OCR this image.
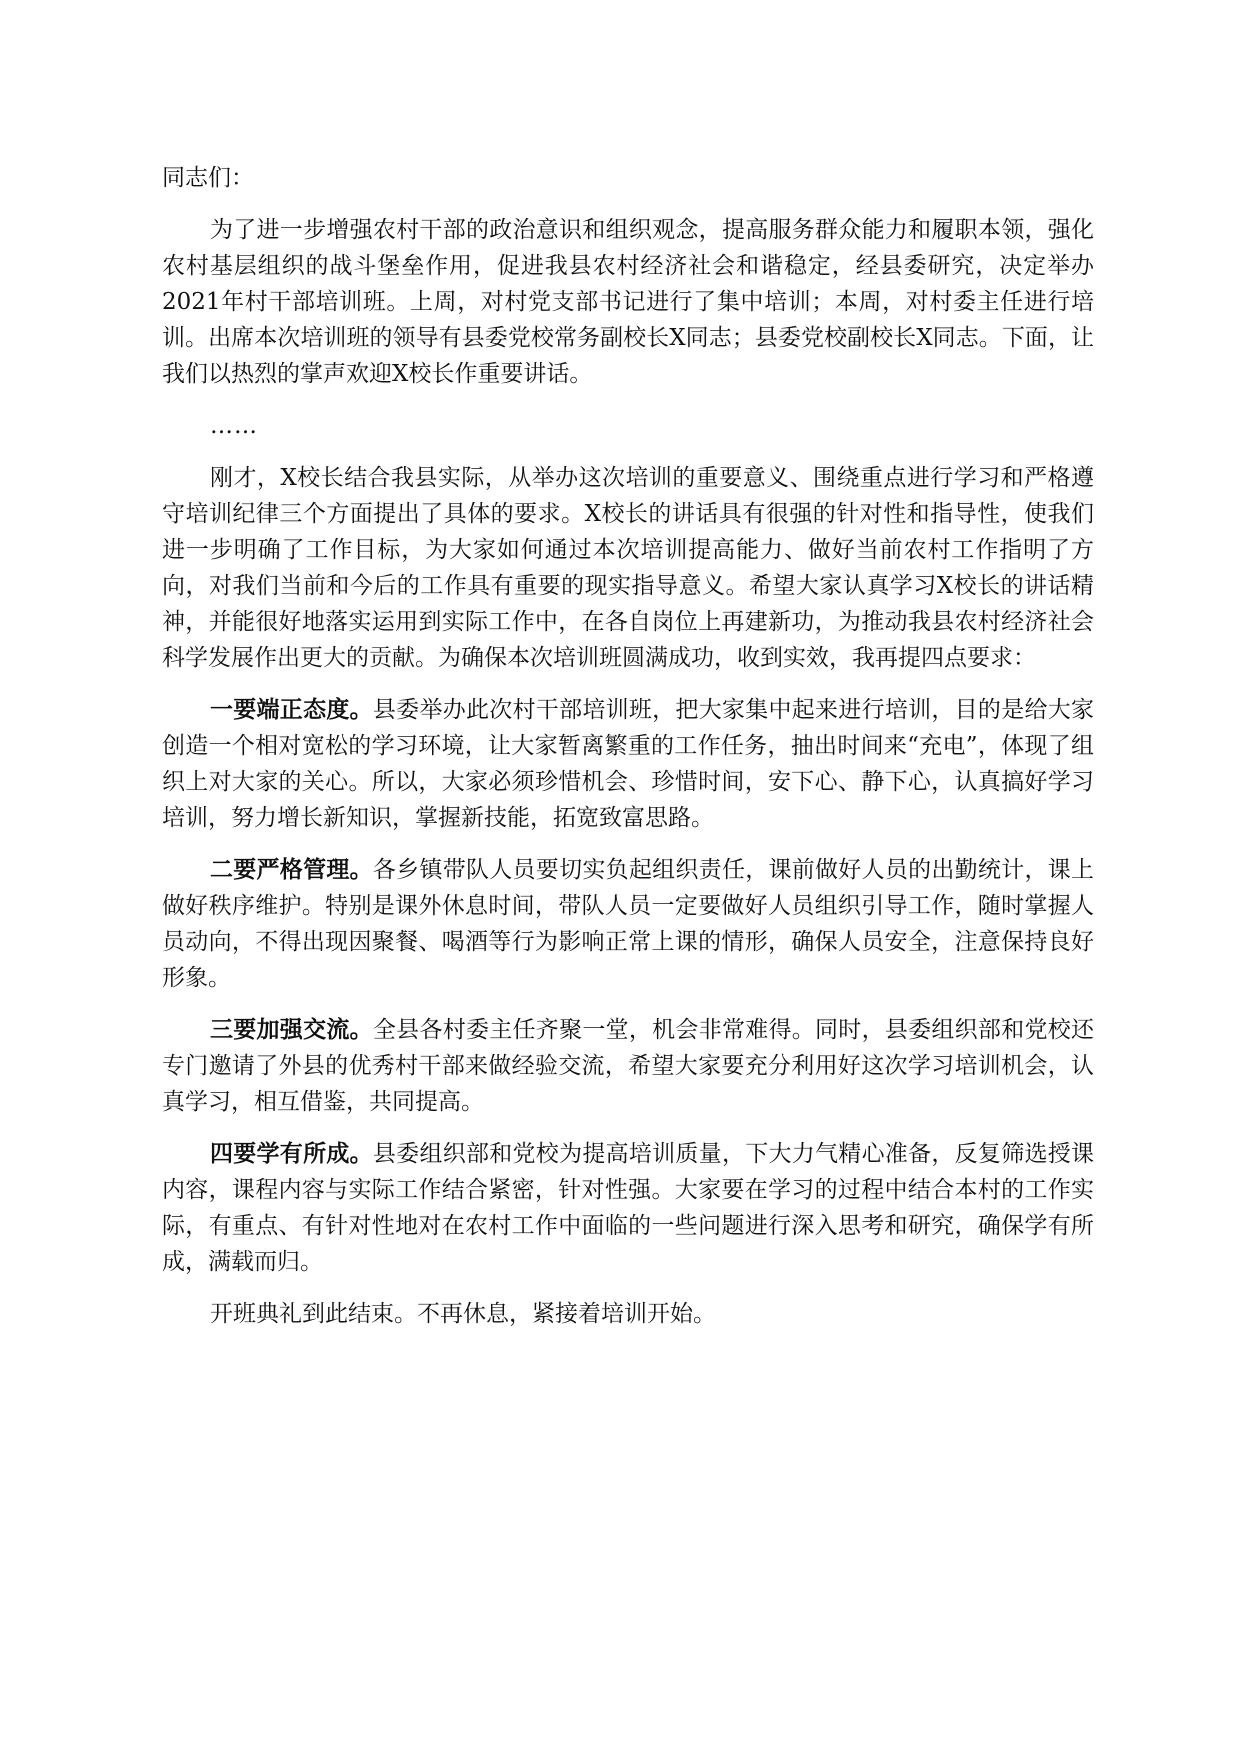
同志们：

为了进一步增强农村干部的政治意识和组织观念，提高服务群众能力和履职本领，强化农村基层组织的战斗堡垒作用，促进我县农村经济社会和谐稳定，经县委研究，决定举办2021年村干部培训班。上周，对村党支部书记进行了集中培训；本周，对村委主任进行培训。出席本次培训班的领导有县委党校常务副校长X同志；县委党校副校长X同志。下面，让我们以热烈的掌声欢迎X校长作重要讲话。

……

刚才，X校长结合我县实际，从举办这次培训的重要意义、围绕重点进行学习和严格遵守培训纪律三个方面提出了具体的要求。X校长的讲话具有很强的针对性和指导性，使我们进一步明确了工作目标，为大家如何通过本次培训提高能力、做好当前农村工作指明了方向，对我们当前和今后的工作具有重要的现实指导意义。希望大家认真学习X校长的讲话精神，并能很好地落实运用到实际工作中，在各自岗位上再建新功，为推动我县农村经济社会科学发展作出更大的贡献。为确保本次培训班圆满成功，收到实效，我再提四点要求：

一要端正态度。县委举办此次村干部培训班，把大家集中起来进行培训，目的是给大家创造一个相对宽松的学习环境，让大家暂离繁重的工作任务，抽出时间来“充电”，体现了组织上对大家的关心。所以，大家必须珍惜机会、珍惜时间，安下心、静下心，认真搞好学习培训，努力增长新知识，掌握新技能，拓宽致富思路。

二要严格管理。各乡镇带队人员要切实负起组织责任，课前做好人员的出勤统计，课上做好秩序维护。特别是课外休息时间，带队人员一定要做好人员组织引导工作，随时掌握人员动向，不得出现因聚餐、喝酒等行为影响正常上课的情形，确保人员安全，注意保持良好形象。

三要加强交流。全县各村委主任齐聚一堂，机会非常难得。同时，县委组织部和党校还专门邀请了外县的优秀村干部来做经验交流，希望大家要充分利用好这次学习培训机会，认真学习，相互借鉴，共同提高。

四要学有所成。县委组织部和党校为提高培训质量，下大力气精心准备，反复筛选授课内容，课程内容与实际工作结合紧密，针对性强。大家要在学习的过程中结合本村的工作实际，有重点、有针对性地对在农村工作中面临的一些问题进行深入思考和研究，确保学有所成，满载而归。

开班典礼到此结束。不再休息，紧接着培训开始。
